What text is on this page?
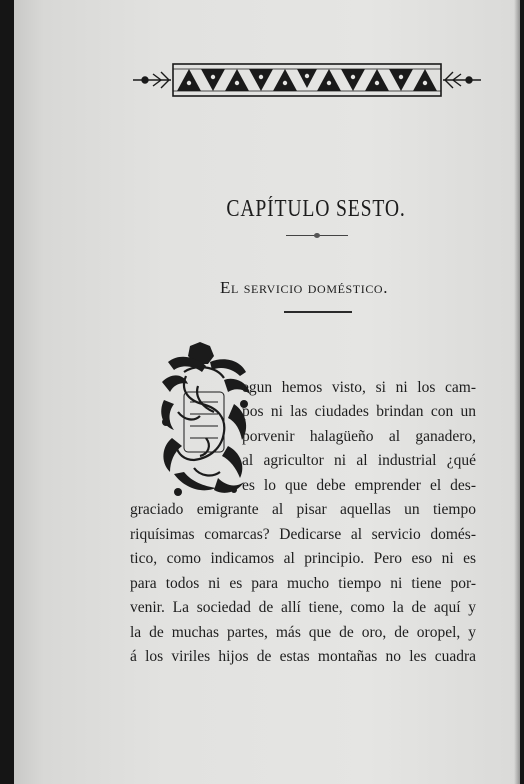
CAPÍTULO SESTO.
El servicio doméstico.
egun hemos visto, si ni los cam-
pos ni las ciudades brindan con un
porvenir halagüeño al ganadero,
al agricultor ni al industrial ¿qué
es lo que debe emprender el des-
graciado emigrante al pisar aquellas un tiempo
riquísimas comarcas? Dedicarse al servicio domés-
tico, como indicamos al principio. Pero eso ni es
para todos ni es para mucho tiempo ni tiene por-
venir. La sociedad de allí tiene, como la de aquí y
la de muchas partes, más que de oro, de oropel, y
á los viriles hijos de estas montañas no les cuadra
